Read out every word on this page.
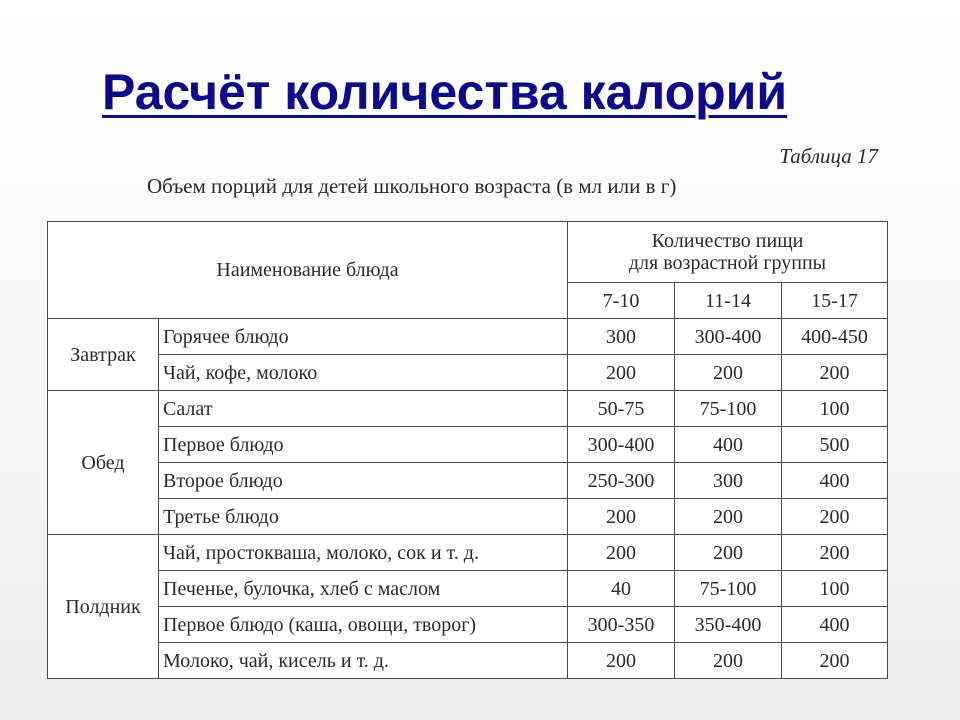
Расчёт количества калорий
Таблица 17
Объем порций для детей школьного возраста (в мл или в г)
Наименование блюда		Количество пищи
для возрастной группы		

		7-10	11-14	15-17
Завтрак	Горячее блюдо	300	300-400	400-450
	Чай, кофе, молоко	200	200	200
Обед	Салат	50-75	75-100	100
	Первое блюдо	300-400	400	500
	Второе блюдо	250-300	300	400
	Третье блюдо	200	200	200
Полдник	Чай, простокваша, молоко, сок и т. д.	200	200	200
	Печенье, булочка, хлеб с маслом	40	75-100	100
	Первое блюдо (каша, овощи, творог)	300-350	350-400	400
	Молоко, чай, кисель и т. д.	200	200	200
